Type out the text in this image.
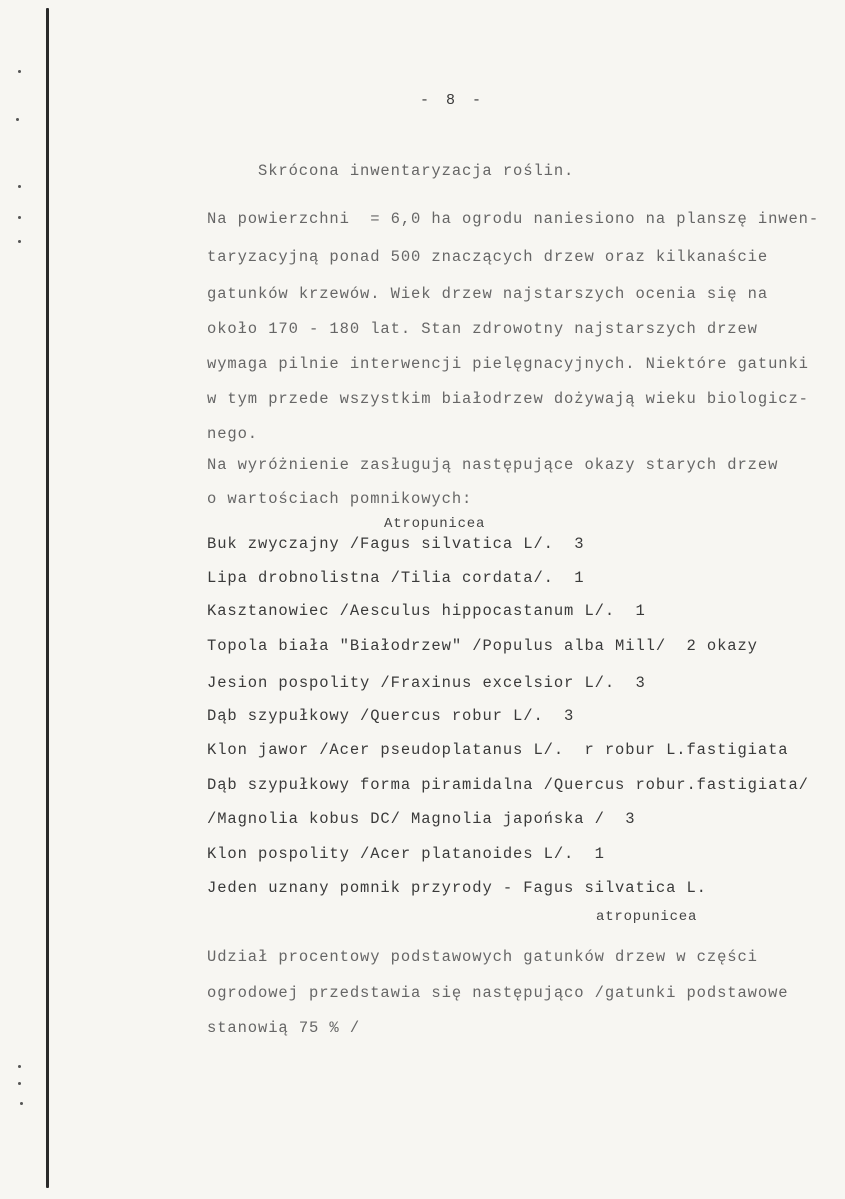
- 8 -
Skrócona inwentaryzacja roślin.
Na powierzchni  = 6,0 ha ogrodu naniesiono na planszę inwen-
taryzacyjną ponad 500 znaczących drzew oraz kilkanaście
gatunków krzewów. Wiek drzew najstarszych ocenia się na
około 170 - 180 lat. Stan zdrowotny najstarszych drzew
wymaga pilnie interwencji pielęgnacyjnych. Niektóre gatunki
w tym przede wszystkim białodrzew dożywają wieku biologicz-
nego.
Na wyróżnienie zasługują następujące okazy starych drzew
o wartościach pomnikowych:
Atropunicea
Buk zwyczajny /Fagus silvatica L/.  3
Lipa drobnolistna /Tilia cordata/.  1
Kasztanowiec /Aesculus hippocastanum L/.  1
Topola biała "Białodrzew" /Populus alba Mill/  2 okazy
Jesion pospolity /Fraxinus excelsior L/.  3
Dąb szypułkowy /Quercus robur L/.  3
Klon jawor /Acer pseudoplatanus L/.  r robur L.fastigiata
Dąb szypułkowy forma piramidalna /Quercus robur.fastigiata/
/Magnolia kobus DC/ Magnolia japońska /  3
Klon pospolity /Acer platanoides L/.  1
Jeden uznany pomnik przyrody - Fagus silvatica L.
atropunicea
Udział procentowy podstawowych gatunków drzew w części
ogrodowej przedstawia się następująco /gatunki podstawowe
stanowią 75 % /
